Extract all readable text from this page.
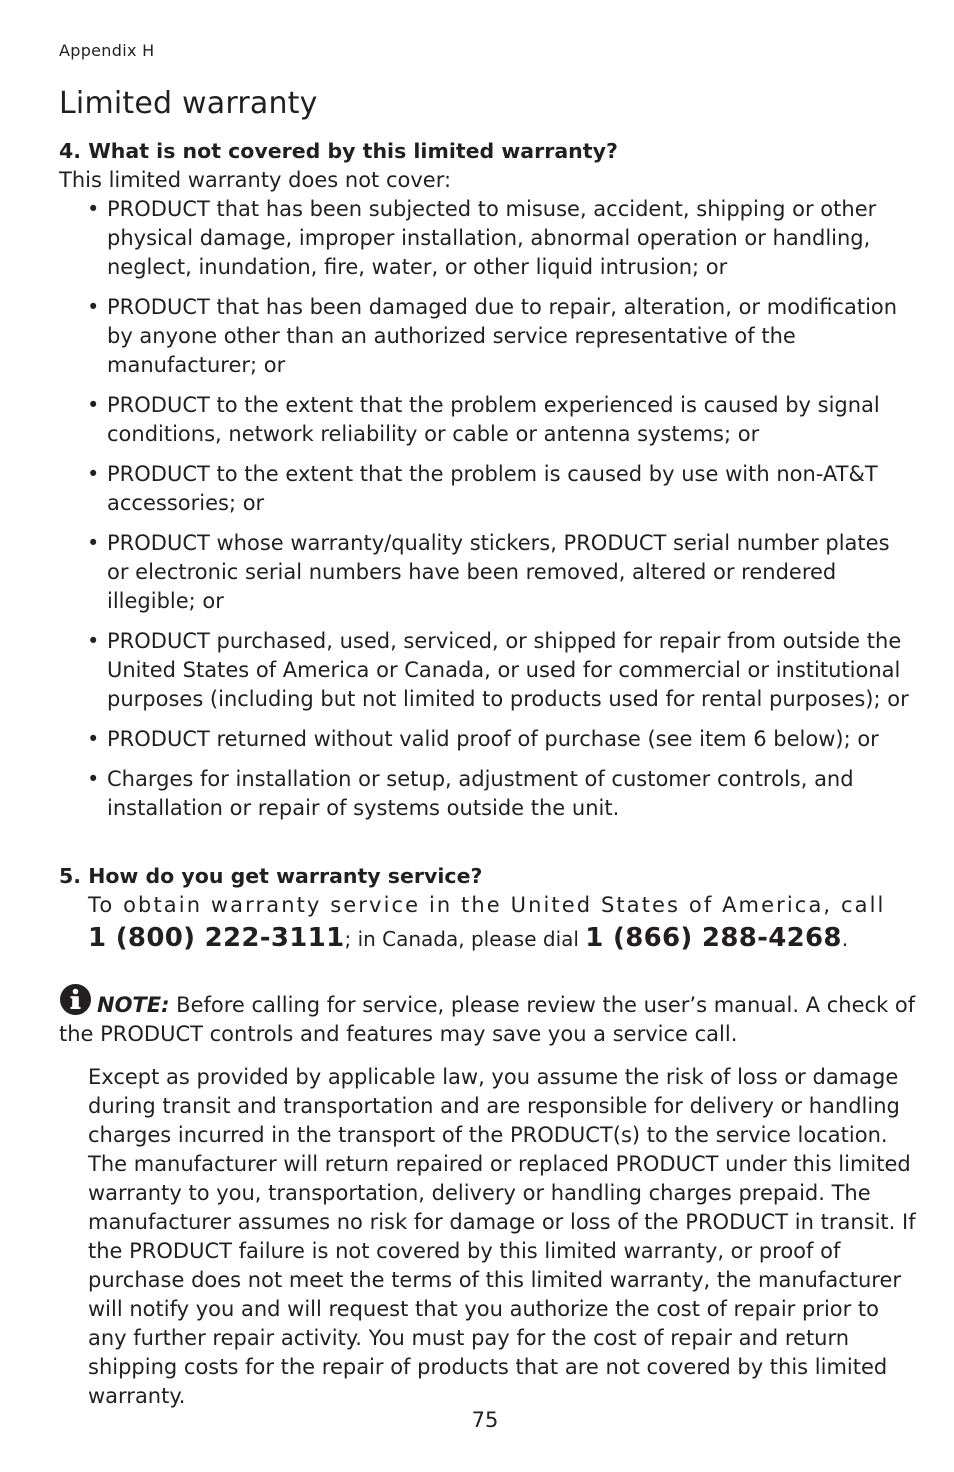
Appendix H
Limited warranty
4. What is not covered by this limited warranty?
This limited warranty does not cover:
• PRODUCT that has been subjected to misuse, accident, shipping or other physical damage, improper installation, abnormal operation or handling, neglect, inundation, fire, water, or other liquid intrusion; or
• PRODUCT that has been damaged due to repair, alteration, or modification by anyone other than an authorized service representative of the manufacturer; or
• PRODUCT to the extent that the problem experienced is caused by signal conditions, network reliability or cable or antenna systems; or
• PRODUCT to the extent that the problem is caused by use with non-AT&T accessories; or
• PRODUCT whose warranty/quality stickers, PRODUCT serial number plates or electronic serial numbers have been removed, altered or rendered illegible; or
• PRODUCT purchased, used, serviced, or shipped for repair from outside the United States of America or Canada, or used for commercial or institutional purposes (including but not limited to products used for rental purposes); or
• PRODUCT returned without valid proof of purchase (see item 6 below); or
• Charges for installation or setup, adjustment of customer controls, and installation or repair of systems outside the unit.
5. How do you get warranty service?
To obtain warranty service in the United States of America, call
1 (800) 222-3111; in Canada, please dial 1 (866) 288-4268.
NOTE: Before calling for service, please review the user’s manual. A check of the PRODUCT controls and features may save you a service call.
Except as provided by applicable law, you assume the risk of loss or damage during transit and transportation and are responsible for delivery or handling charges incurred in the transport of the PRODUCT(s) to the service location. The manufacturer will return repaired or replaced PRODUCT under this limited warranty to you, transportation, delivery or handling charges prepaid. The manufacturer assumes no risk for damage or loss of the PRODUCT in transit. If the PRODUCT failure is not covered by this limited warranty, or proof of purchase does not meet the terms of this limited warranty, the manufacturer will notify you and will request that you authorize the cost of repair prior to any further repair activity. You must pay for the cost of repair and return shipping costs for the repair of products that are not covered by this limited warranty.
75
